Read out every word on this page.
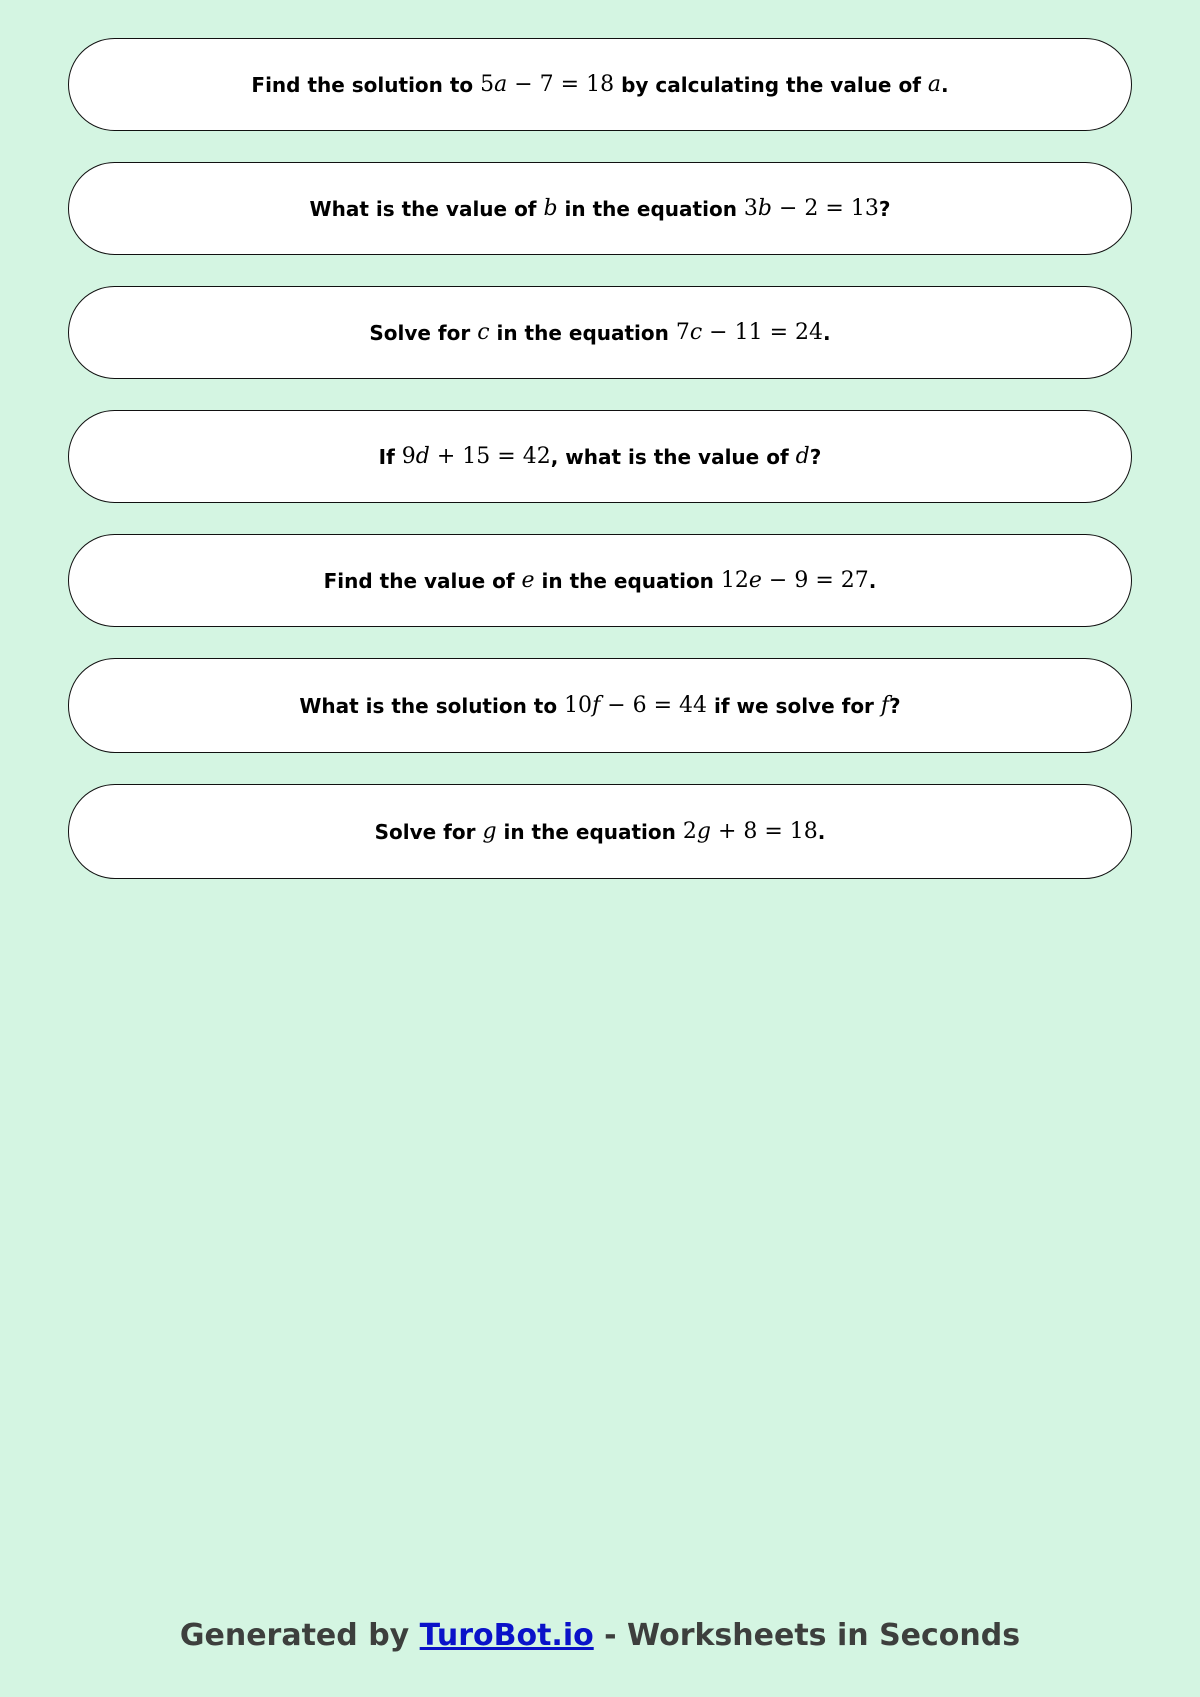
Find the solution to 5a − 7 = 18 by calculating the value of a .
What is the value of b in the equation 3b − 2 = 13 ?
Solve for c in the equation 7c − 11 = 24 .
If 9d + 15 = 42 , what is the value of d ?
Find the value of e in the equation 12e − 9 = 27 .
What is the solution to 10f − 6 = 44 if we solve for f ?
Solve for g in the equation 2g + 8 = 18 .
Generated by TuroBot.io - Worksheets in Seconds
